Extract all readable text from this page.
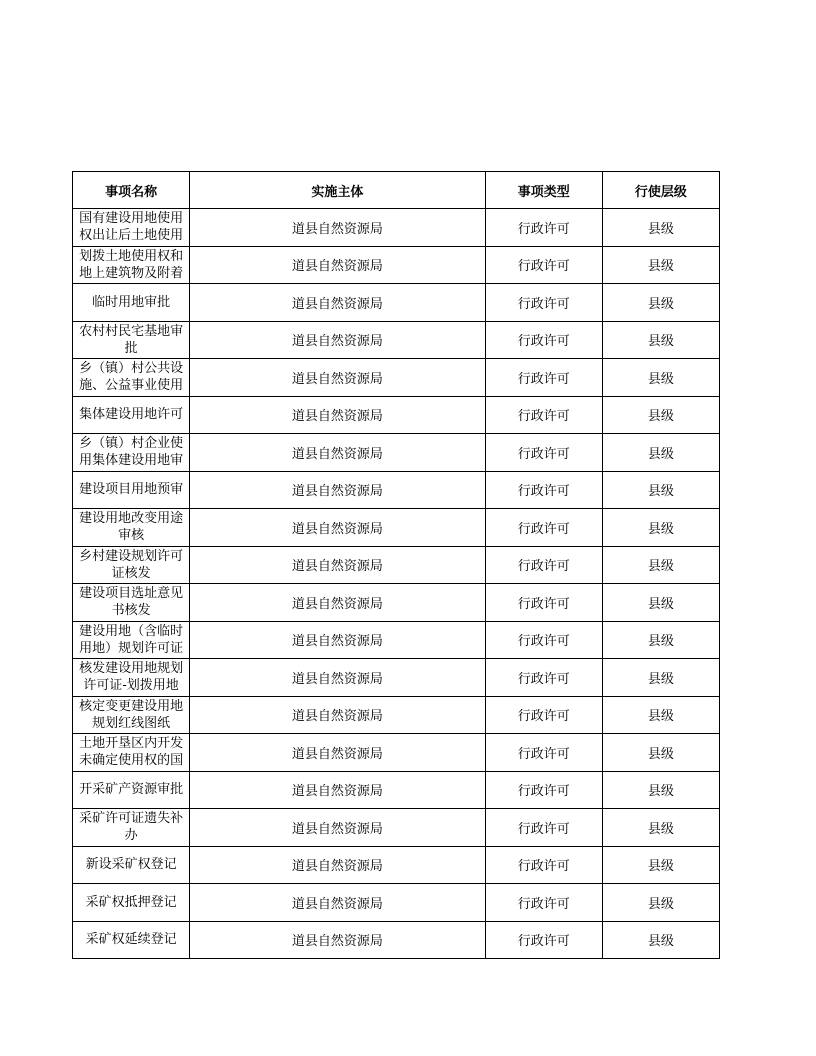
事项名称	实施主体	事项类型	行使层级

国有建设用地使用权出让后土地使用	道县自然资源局	行政许可	县级

划拨土地使用权和地上建筑物及附着	道县自然资源局	行政许可	县级

临时用地审批	道县自然资源局	行政许可	县级

农村村民宅基地审批	道县自然资源局	行政许可	县级

乡（镇）村公共设施、公益事业使用	道县自然资源局	行政许可	县级

集体建设用地许可	道县自然资源局	行政许可	县级

乡（镇）村企业使用集体建设用地审	道县自然资源局	行政许可	县级

建设项目用地预审	道县自然资源局	行政许可	县级

建设用地改变用途审核	道县自然资源局	行政许可	县级

乡村建设规划许可证核发	道县自然资源局	行政许可	县级

建设项目选址意见书核发	道县自然资源局	行政许可	县级

建设用地（含临时用地）规划许可证	道县自然资源局	行政许可	县级

核发建设用地规划许可证-划拨用地	道县自然资源局	行政许可	县级

核定变更建设用地规划红线图纸	道县自然资源局	行政许可	县级

土地开垦区内开发未确定使用权的国	道县自然资源局	行政许可	县级

开采矿产资源审批	道县自然资源局	行政许可	县级

采矿许可证遗失补办	道县自然资源局	行政许可	县级

新设采矿权登记	道县自然资源局	行政许可	县级

采矿权抵押登记	道县自然资源局	行政许可	县级

采矿权延续登记	道县自然资源局	行政许可	县级
